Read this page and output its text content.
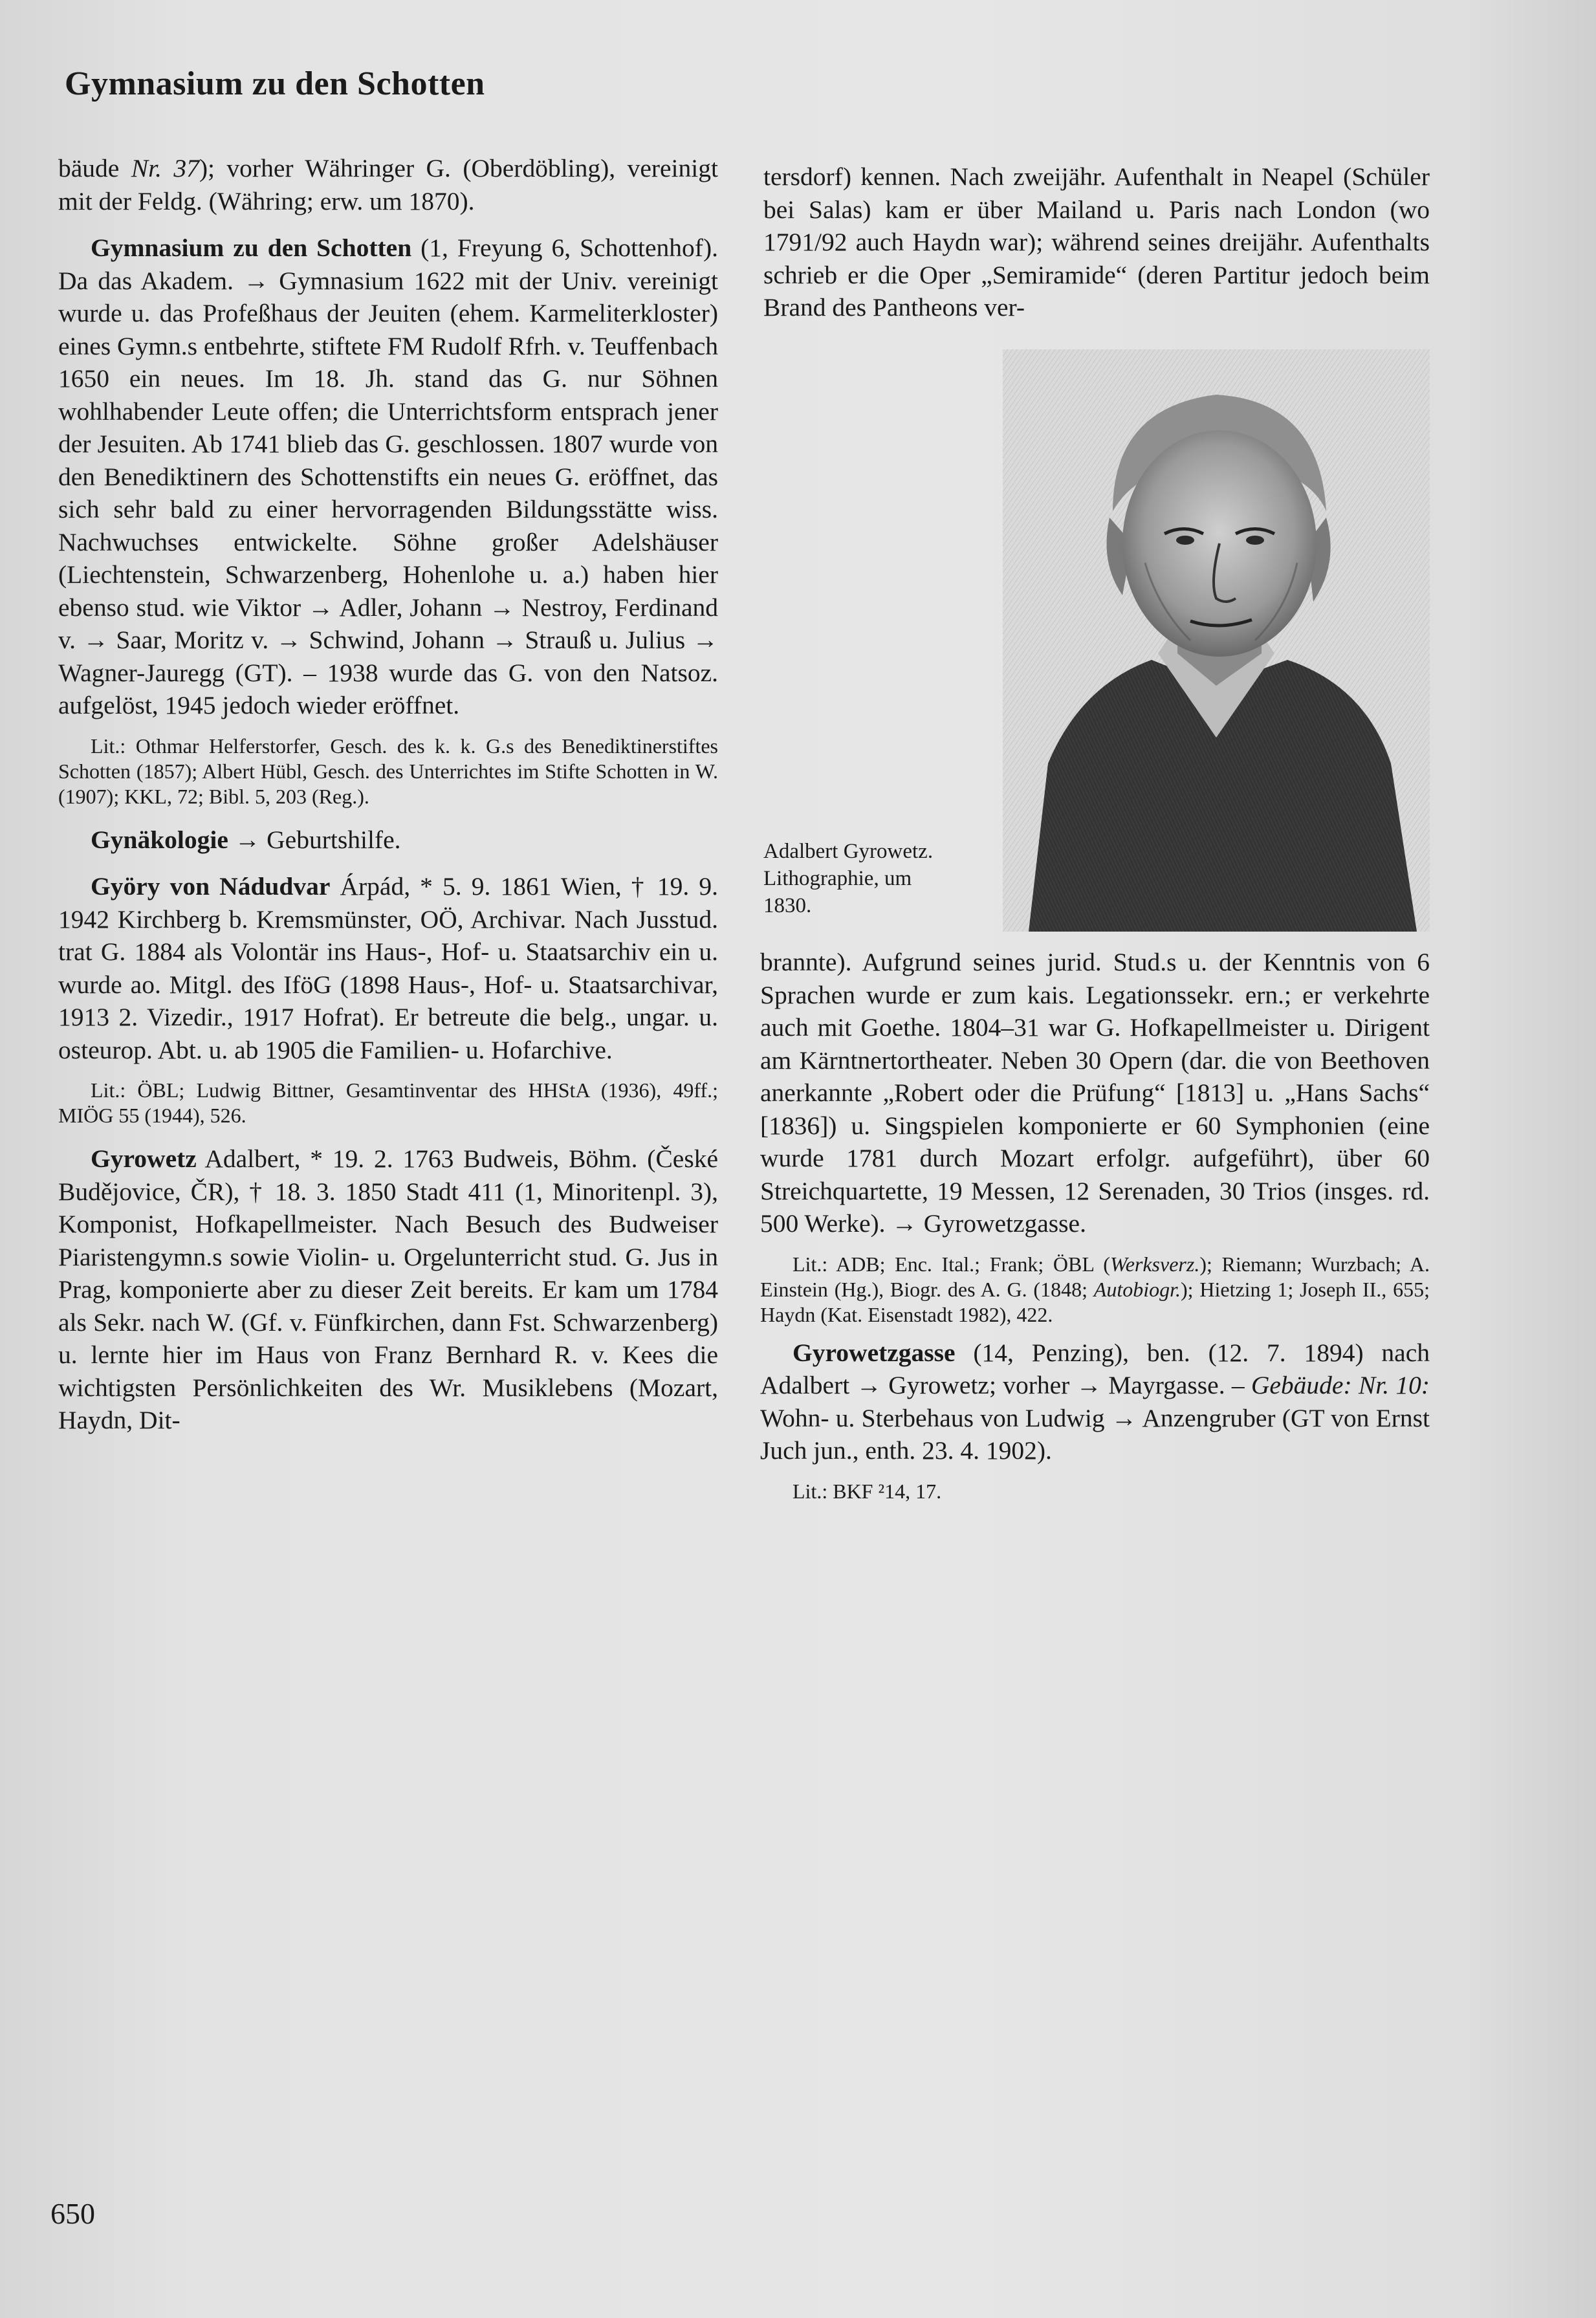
Gymnasium zu den Schotten

bäude Nr. 37); vorher Währinger G. (Oberdöbling), vereinigt mit der Feldg. (Währing; erw. um 1870).

Gymnasium zu den Schotten (1, Freyung 6, Schottenhof). Da das Akadem. → Gymnasium 1622 mit der Univ. vereinigt wurde u. das Profeßhaus der Jeuiten (ehem. Karmeliterkloster) eines Gymn.s entbehrte, stiftete FM Rudolf Rfrh. v. Teuffenbach 1650 ein neues. Im 18. Jh. stand das G. nur Söhnen wohlhabender Leute offen; die Unterrichtsform entsprach jener der Jesuiten. Ab 1741 blieb das G. geschlossen. 1807 wurde von den Benediktinern des Schottenstifts ein neues G. eröffnet, das sich sehr bald zu einer hervorragenden Bildungsstätte wiss. Nachwuchses entwickelte. Söhne großer Adelshäuser (Liechtenstein, Schwarzenberg, Hohenlohe u. a.) haben hier ebenso stud. wie Viktor → Adler, Johann → Nestroy, Ferdinand v. → Saar, Moritz v. → Schwind, Johann → Strauß u. Julius → Wagner-Jauregg (GT). – 1938 wurde das G. von den Natsoz. aufgelöst, 1945 jedoch wieder eröffnet.

Lit.: Othmar Helferstorfer, Gesch. des k. k. G.s des Benediktinerstiftes Schotten (1857); Albert Hübl, Gesch. des Unterrichtes im Stifte Schotten in W. (1907); KKL, 72; Bibl. 5, 203 (Reg.).

Gynäkologie → Geburtshilfe.

Györy von Nádudvar Árpád, * 5. 9. 1861 Wien, † 19. 9. 1942 Kirchberg b. Kremsmünster, OÖ, Archivar. Nach Jusstud. trat G. 1884 als Volontär ins Haus-, Hof- u. Staatsarchiv ein u. wurde ao. Mitgl. des IföG (1898 Haus-, Hof- u. Staatsarchivar, 1913 2. Vizedir., 1917 Hofrat). Er betreute die belg., ungar. u. osteurop. Abt. u. ab 1905 die Familien- u. Hofarchive.

Lit.: ÖBL; Ludwig Bittner, Gesamtinventar des HHStA (1936), 49ff.; MIÖG 55 (1944), 526.

Gyrowetz Adalbert, * 19. 2. 1763 Budweis, Böhm. (České Budějovice, ČR), † 18. 3. 1850 Stadt 411 (1, Minoritenpl. 3), Komponist, Hofkapellmeister. Nach Besuch des Budweiser Piaristengymn.s sowie Violin- u. Orgelunterricht stud. G. Jus in Prag, komponierte aber zu dieser Zeit bereits. Er kam um 1784 als Sekr. nach W. (Gf. v. Fünfkirchen, dann Fst. Schwarzenberg) u. lernte hier im Haus von Franz Bernhard R. v. Kees die wichtigsten Persönlichkeiten des Wr. Musiklebens (Mozart, Haydn, Dit-

tersdorf) kennen. Nach zweijähr. Aufenthalt in Neapel (Schüler bei Salas) kam er über Mailand u. Paris nach London (wo 1791/92 auch Haydn war); während seines dreijähr. Aufenthalts schrieb er die Oper „Semiramide“ (deren Partitur jedoch beim Brand des Pantheons ver-

Adalbert Gyrowetz.

Lithographie, um

1830.

brannte). Aufgrund seines jurid. Stud.s u. der Kenntnis von 6 Sprachen wurde er zum kais. Legationssekr. ern.; er verkehrte auch mit Goethe. 1804–31 war G. Hofkapellmeister u. Dirigent am Kärntnertortheater. Neben 30 Opern (dar. die von Beethoven anerkannte „Robert oder die Prüfung“ [1813] u. „Hans Sachs“ [1836]) u. Singspielen komponierte er 60 Symphonien (eine wurde 1781 durch Mozart erfolgr. aufgeführt), über 60 Streichquartette, 19 Messen, 12 Serenaden, 30 Trios (insges. rd. 500 Werke). → Gyrowetzgasse.

Lit.: ADB; Enc. Ital.; Frank; ÖBL (Werksverz.); Riemann; Wurzbach; A. Einstein (Hg.), Biogr. des A. G. (1848; Autobiogr.); Hietzing 1; Joseph II., 655; Haydn (Kat. Eisenstadt 1982), 422.

Gyrowetzgasse (14, Penzing), ben. (12. 7. 1894) nach Adalbert → Gyrowetz; vorher → Mayrgasse. – Gebäude: Nr. 10: Wohn- u. Sterbehaus von Ludwig → Anzengruber (GT von Ernst Juch jun., enth. 23. 4. 1902).

Lit.: BKF ²14, 17.

650
